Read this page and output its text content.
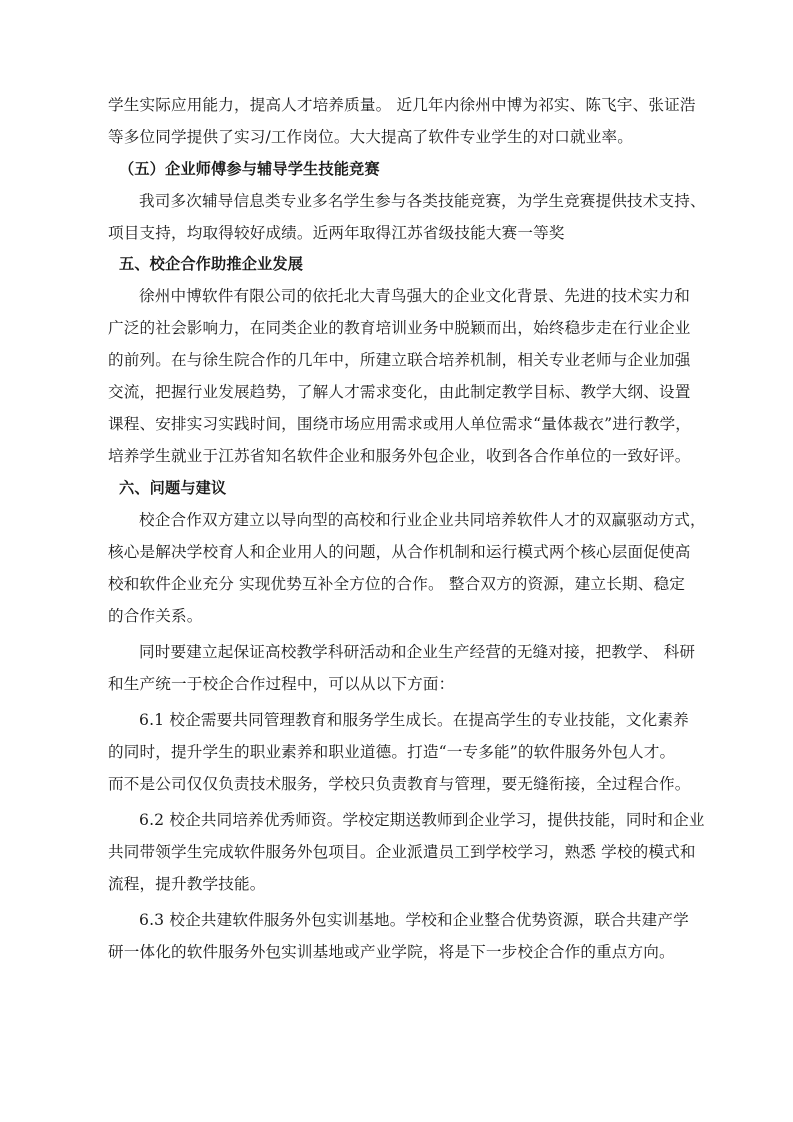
学生实际应用能力，提高人才培养质量。 近几年内徐州中博为祁实、陈飞宇、张证浩
等多位同学提供了实习/工作岗位。大大提高了软件专业学生的对口就业率。
（五）企业师傅参与辅导学生技能竞赛
我司多次辅导信息类专业多名学生参与各类技能竞赛，为学生竞赛提供技术支持、
项目支持，均取得较好成绩。近两年取得江苏省级技能大赛一等奖
五、校企合作助推企业发展
徐州中博软件有限公司的依托北大青鸟强大的企业文化背景、先进的技术实力和
广泛的社会影响力，在同类企业的教育培训业务中脱颖而出，始终稳步走在行业企业
的前列。在与徐生院合作的几年中，所建立联合培养机制，相关专业老师与企业加强
交流，把握行业发展趋势，了解人才需求变化，由此制定教学目标、教学大纲、设置
课程、安排实习实践时间，围绕市场应用需求或用人单位需求“量体裁衣”进行教学，
培养学生就业于江苏省知名软件企业和服务外包企业，收到各合作单位的一致好评。
六、问题与建议
校企合作双方建立以导向型的高校和行业企业共同培养软件人才的双赢驱动方式，
核心是解决学校育人和企业用人的问题，从合作机制和运行模式两个核心层面促使高
校和软件企业充分 实现优势互补全方位的合作。 整合双方的资源，建立长期、稳定
的合作关系。
同时要建立起保证高校教学科研活动和企业生产经营的无缝对接，把教学、 科研
和生产统一于校企合作过程中，可以从以下方面：
6.1 校企需要共同管理教育和服务学生成长。在提高学生的专业技能，文化素养
的同时，提升学生的职业素养和职业道德。打造“一专多能”的软件服务外包人才。
而不是公司仅仅负责技术服务，学校只负责教育与管理，要无缝衔接，全过程合作。
6.2 校企共同培养优秀师资。学校定期送教师到企业学习，提供技能，同时和企业
共同带领学生完成软件服务外包项目。企业派遣员工到学校学习，熟悉 学校的模式和
流程，提升教学技能。
6.3 校企共建软件服务外包实训基地。学校和企业整合优势资源，联合共建产学
研一体化的软件服务外包实训基地或产业学院，将是下一步校企合作的重点方向。
